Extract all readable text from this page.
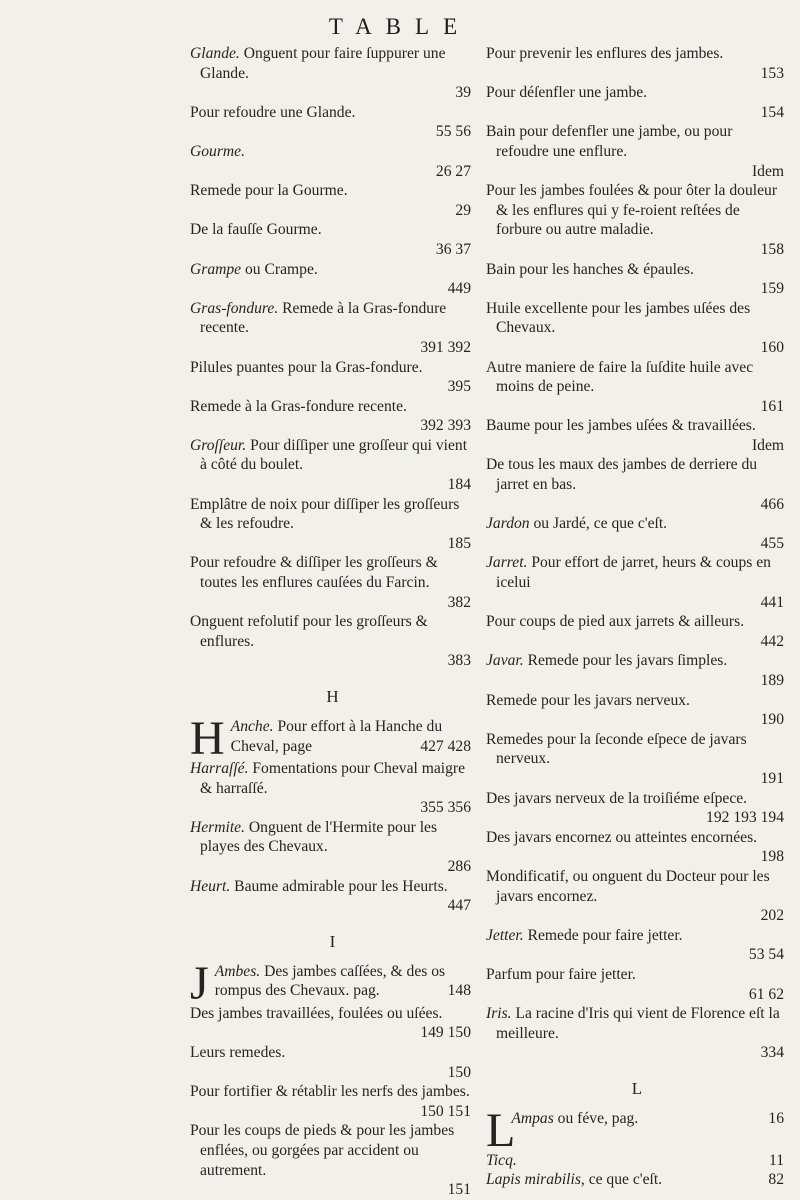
TABLE
Glande. Onguent pour faire ſuppurer une Glande.
39
Pour refoudre une Glande.
55 56
Gourme.
26 27
Remede pour la Gourme.
29
De la fauſſe Gourme.
36 37
Grampe ou Crampe.
449
Gras-fondure. Remede à la Gras-fondure recente.
391 392
Pilules puantes pour la Gras-fondure.
395
Remede à la Gras-fondure recente.
392 393
Groſſeur. Pour diſſiper une groſſeur qui vient à côté du boulet.
184
Emplâtre de noix pour diſſiper les groſſeurs & les refoudre.
185
Pour refoudre & diſſiper les groſſeurs & toutes les enflures cauſées du Farcin.
382
Onguent refolutif pour les groſſeurs & enflures.
383
H
H Anche. Pour effort à la Hanche du Cheval, page	427 428
Harraſſé. Fomentations pour Cheval maigre & harraſſé.
355 356
Hermite. Onguent de l'Hermite pour les playes des Chevaux.
286
Heurt. Baume admirable pour les Heurts.
447
I
J Ambes. Des jambes caſſées, & des os rompus des Chevaux. pag.	148
Des jambes travaillées, foulées ou uſées.
149 150
Leurs remedes.
150
Pour fortifier & rétablir les nerfs des jambes.
150 151
Pour les coups de pieds & pour les jambes enflées, ou gorgées par accident ou autrement.
151
Pour prevenir les enflures des jambes.
153
Pour déſenfler une jambe.
154
Bain pour defenfler une jambe, ou pour refoudre une enflure.
Idem
Pour les jambes foulées & pour ôter la douleur & les enflures qui y fe-roient reſtées de forbure ou autre maladie.
158
Bain pour les hanches & épaules.
159
Huile excellente pour les jambes uſées des Chevaux.
160
Autre maniere de faire la ſuſdite huile avec moins de peine.
161
Baume pour les jambes uſées & travaillées.
Idem
De tous les maux des jambes de derriere du jarret en bas.
466
Jardon ou Jardé, ce que c'eſt.
455
Jarret. Pour effort de jarret, heurs & coups en icelui
441
Pour coups de pied aux jarrets & ailleurs.
442
Javar. Remede pour les javars ſimples.
189
Remede pour les javars nerveux.
190
Remedes pour la ſeconde eſpece de javars nerveux.
191
Des javars nerveux de la troiſiéme eſpece.
192 193 194
Des javars encornez ou atteintes encornées.
198
Mondificatif, ou onguent du Docteur pour les javars encornez.
202
Jetter. Remede pour faire jetter.
53 54
Parfum pour faire jetter.
61 62
Iris. La racine d'Iris qui vient de Florence eſt la meilleure.
334
L
L
Ampas ou féve, pag.	16
Ticq.	11
Lapis mirabilis, ce que c'eſt.	82
